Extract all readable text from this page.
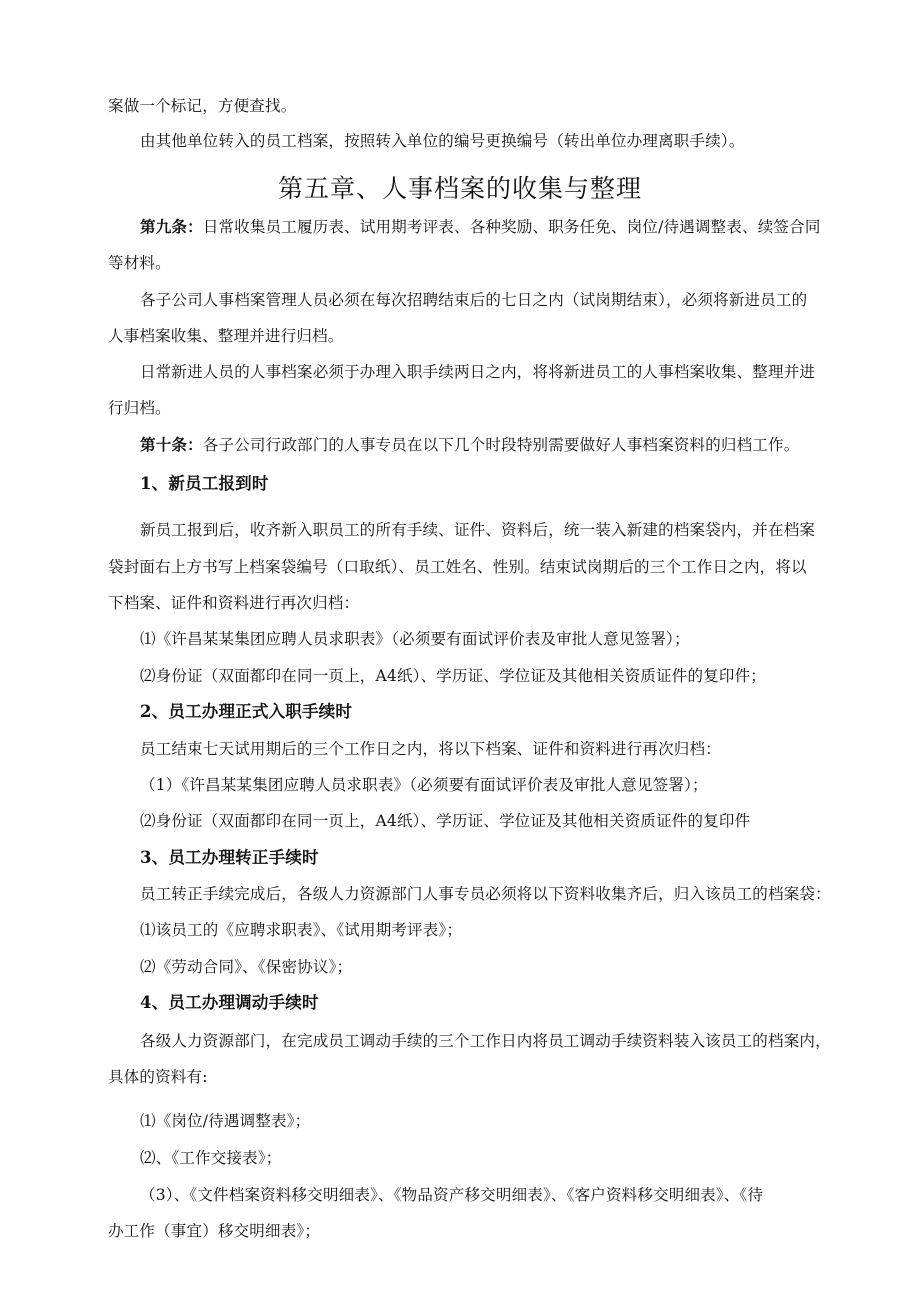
案做一个标记，方便查找。
由其他单位转入的员工档案，按照转入单位的编号更换编号（转出单位办理离职手续）。
第五章、人事档案的收集与整理
第九条：日常收集员工履历表、试用期考评表、各种奖励、职务任免、岗位/待遇调整表、续签合同
等材料。
各子公司人事档案管理人员必须在每次招聘结束后的七日之内（试岗期结束），必须将新进员工的
人事档案收集、整理并进行归档。
日常新进人员的人事档案必须于办理入职手续两日之内，将将新进员工的人事档案收集、整理并进
行归档。
第十条：各子公司行政部门的人事专员在以下几个时段特别需要做好人事档案资料的归档工作。
1、新员工报到时
新员工报到后，收齐新入职员工的所有手续、证件、资料后，统一装入新建的档案袋内，并在档案
袋封面右上方书写上档案袋编号（口取纸）、员工姓名、性别。结束试岗期后的三个工作日之内，将以
下档案、证件和资料进行再次归档：
⑴《许昌某某集团应聘人员求职表》（必须要有面试评价表及审批人意见签署）；
⑵身份证（双面都印在同一页上，A4纸）、学历证、学位证及其他相关资质证件的复印件；
2、员工办理正式入职手续时
员工结束七天试用期后的三个工作日之内，将以下档案、证件和资料进行再次归档：
（1）《许昌某某集团应聘人员求职表》（必须要有面试评价表及审批人意见签署）；
⑵身份证（双面都印在同一页上，A4纸）、学历证、学位证及其他相关资质证件的复印件
3、员工办理转正手续时
员工转正手续完成后，各级人力资源部门人事专员必须将以下资料收集齐后，归入该员工的档案袋：
⑴该员工的《应聘求职表》、《试用期考评表》；
⑵《劳动合同》、《保密协议》；
4、员工办理调动手续时
各级人力资源部门，在完成员工调动手续的三个工作日内将员工调动手续资料装入该员工的档案内，
具体的资料有:
⑴《岗位/待遇调整表》；
⑵、《工作交接表》；
（3）、《文件档案资料移交明细表》、《物品资产移交明细表》、《客户资料移交明细表》、《待
办工作（事宜）移交明细表》；
